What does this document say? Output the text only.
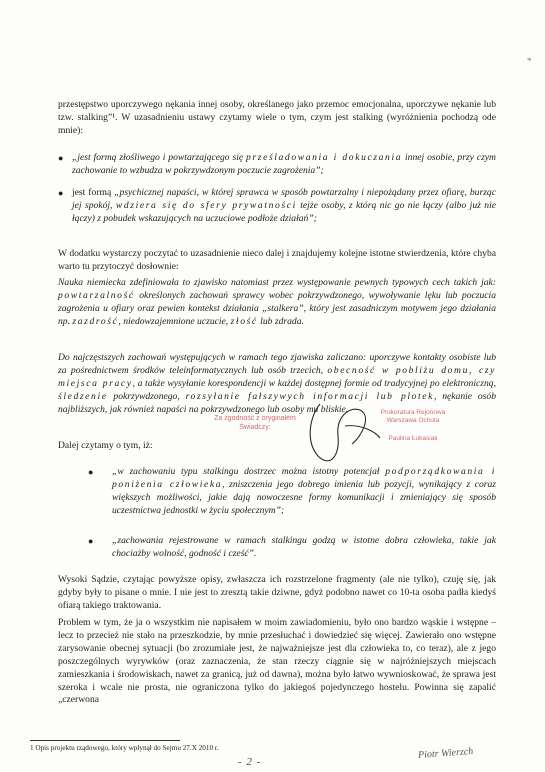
*

przestępstwo uporczywego nękania innej osoby, określanego jako przemoc emocjonalna, uporczywe nękanie lub tzw. stalking”¹. W uzasadnieniu ustawy czytamy wiele o tym, czym jest stalking (wyróżnienia pochodzą ode mnie):

● „jest formą złośliwego i powtarzającego się prześladowania i dokuczania innej osobie, przy czym zachowanie to wzbudza w pokrzywdzonym poczucie zagrożenia”;
● jest formą „psychicznej napaści, w której sprawca w sposób powtarzalny i niepożądany przez ofiarę, burząc jej spokój, wdziera się do sfery prywatności tejże osoby, z którą nic go nie łączy (albo już nie łączy) z pobudek wskazujących na uczuciowe podłoże działań”;

W dodatku wystarczy poczytać to uzasadnienie nieco dalej i znajdujemy kolejne istotne stwierdzenia, które chyba warto tu przytoczyć dosłownie:

Nauka niemiecka zdefiniowała to zjawisko natomiast przez występowanie pewnych typowych cech takich jak: powtarzalność określonych zachowań sprawcy wobec pokrzywdzonego, wywoływanie lęku lub poczucia zagrożenia u ofiary oraz pewien kontekst działania „stalkera”, który jest zasadniczym motywem jego działania np. zazdrość, niedowzajemnione uczucie, złość lub zdrada.

Do najczęstszych zachowań występujących w ramach tego zjawiska zaliczano: uporczywe kontakty osobiste lub za pośrednictwem środków teleinformatycznych lub osób trzecich, obecność w pobliżu domu, czy miejsca pracy, a także wysyłanie korespondencji w każdej dostępnej formie od tradycyjnej po elektroniczną, śledzenie pokrzywdzonego, rozsyłanie fałszywych informacji lub plotek, nękanie osób najbliższych, jak również napaści na pokrzywdzonego lub osoby mu bliskie.

Dalej czytamy o tym, iż:

● „w zachowaniu typu stalkingu dostrzec można istotny potencjał podporządkowania i poniżenia człowieka, zniszczenia jego dobrego imienia lub pozycji, wynikający z coraz większych możliwości, jakie dają nowoczesne formy komunikacji i zmieniający się sposób uczestnictwa jednostki w życiu społecznym”;
● „zachowania rejestrowane w ramach stalkingu godzą w istotne dobra człowieka, takie jak chociażby wolność, godność i cześć”.

Wysoki Sądzie, czytając powyższe opisy, zwłaszcza ich rozstrzelone fragmenty (ale nie tylko), czuję się, jak gdyby były to pisane o mnie. I nie jest to zresztą takie dziwne, gdyż podobno nawet co 10-ta osoba padła kiedyś ofiarą takiego traktowania.

Problem w tym, że ja o wszystkim nie napisałem w moim zawiadomieniu, było ono bardzo wąskie i wstępne – lecz to przecież nie stało na przeszkodzie, by mnie przesłuchać i dowiedzieć się więcej. Zawierało ono wstępne zarysowanie obecnej sytuacji (bo zrozumiałe jest, że najważniejsze jest dla człowieka to, co teraz), ale z jego poszczególnych wyrywków (oraz zaznaczenia, że stan rzeczy ciągnie się w najróżniejszych miejscach zamieszkania i środowiskach, nawet za granicą, już od dawna), można było łatwo wywnioskować, że sprawa jest szeroka i wcale nie prosta, nie ograniczona tylko do jakiegoś pojedynczego hostelu. Powinna się zapalić „czerwona

Za zgodność z oryginałem Świadczy:
Prokuratura Rejonowa Warszawa Ochota
Paulina Łukasiak
1 Opis projektu rządowego, który wpłynął do Sejmu 27.X 2010 r.
- 2 -
Piotr Wierzch
